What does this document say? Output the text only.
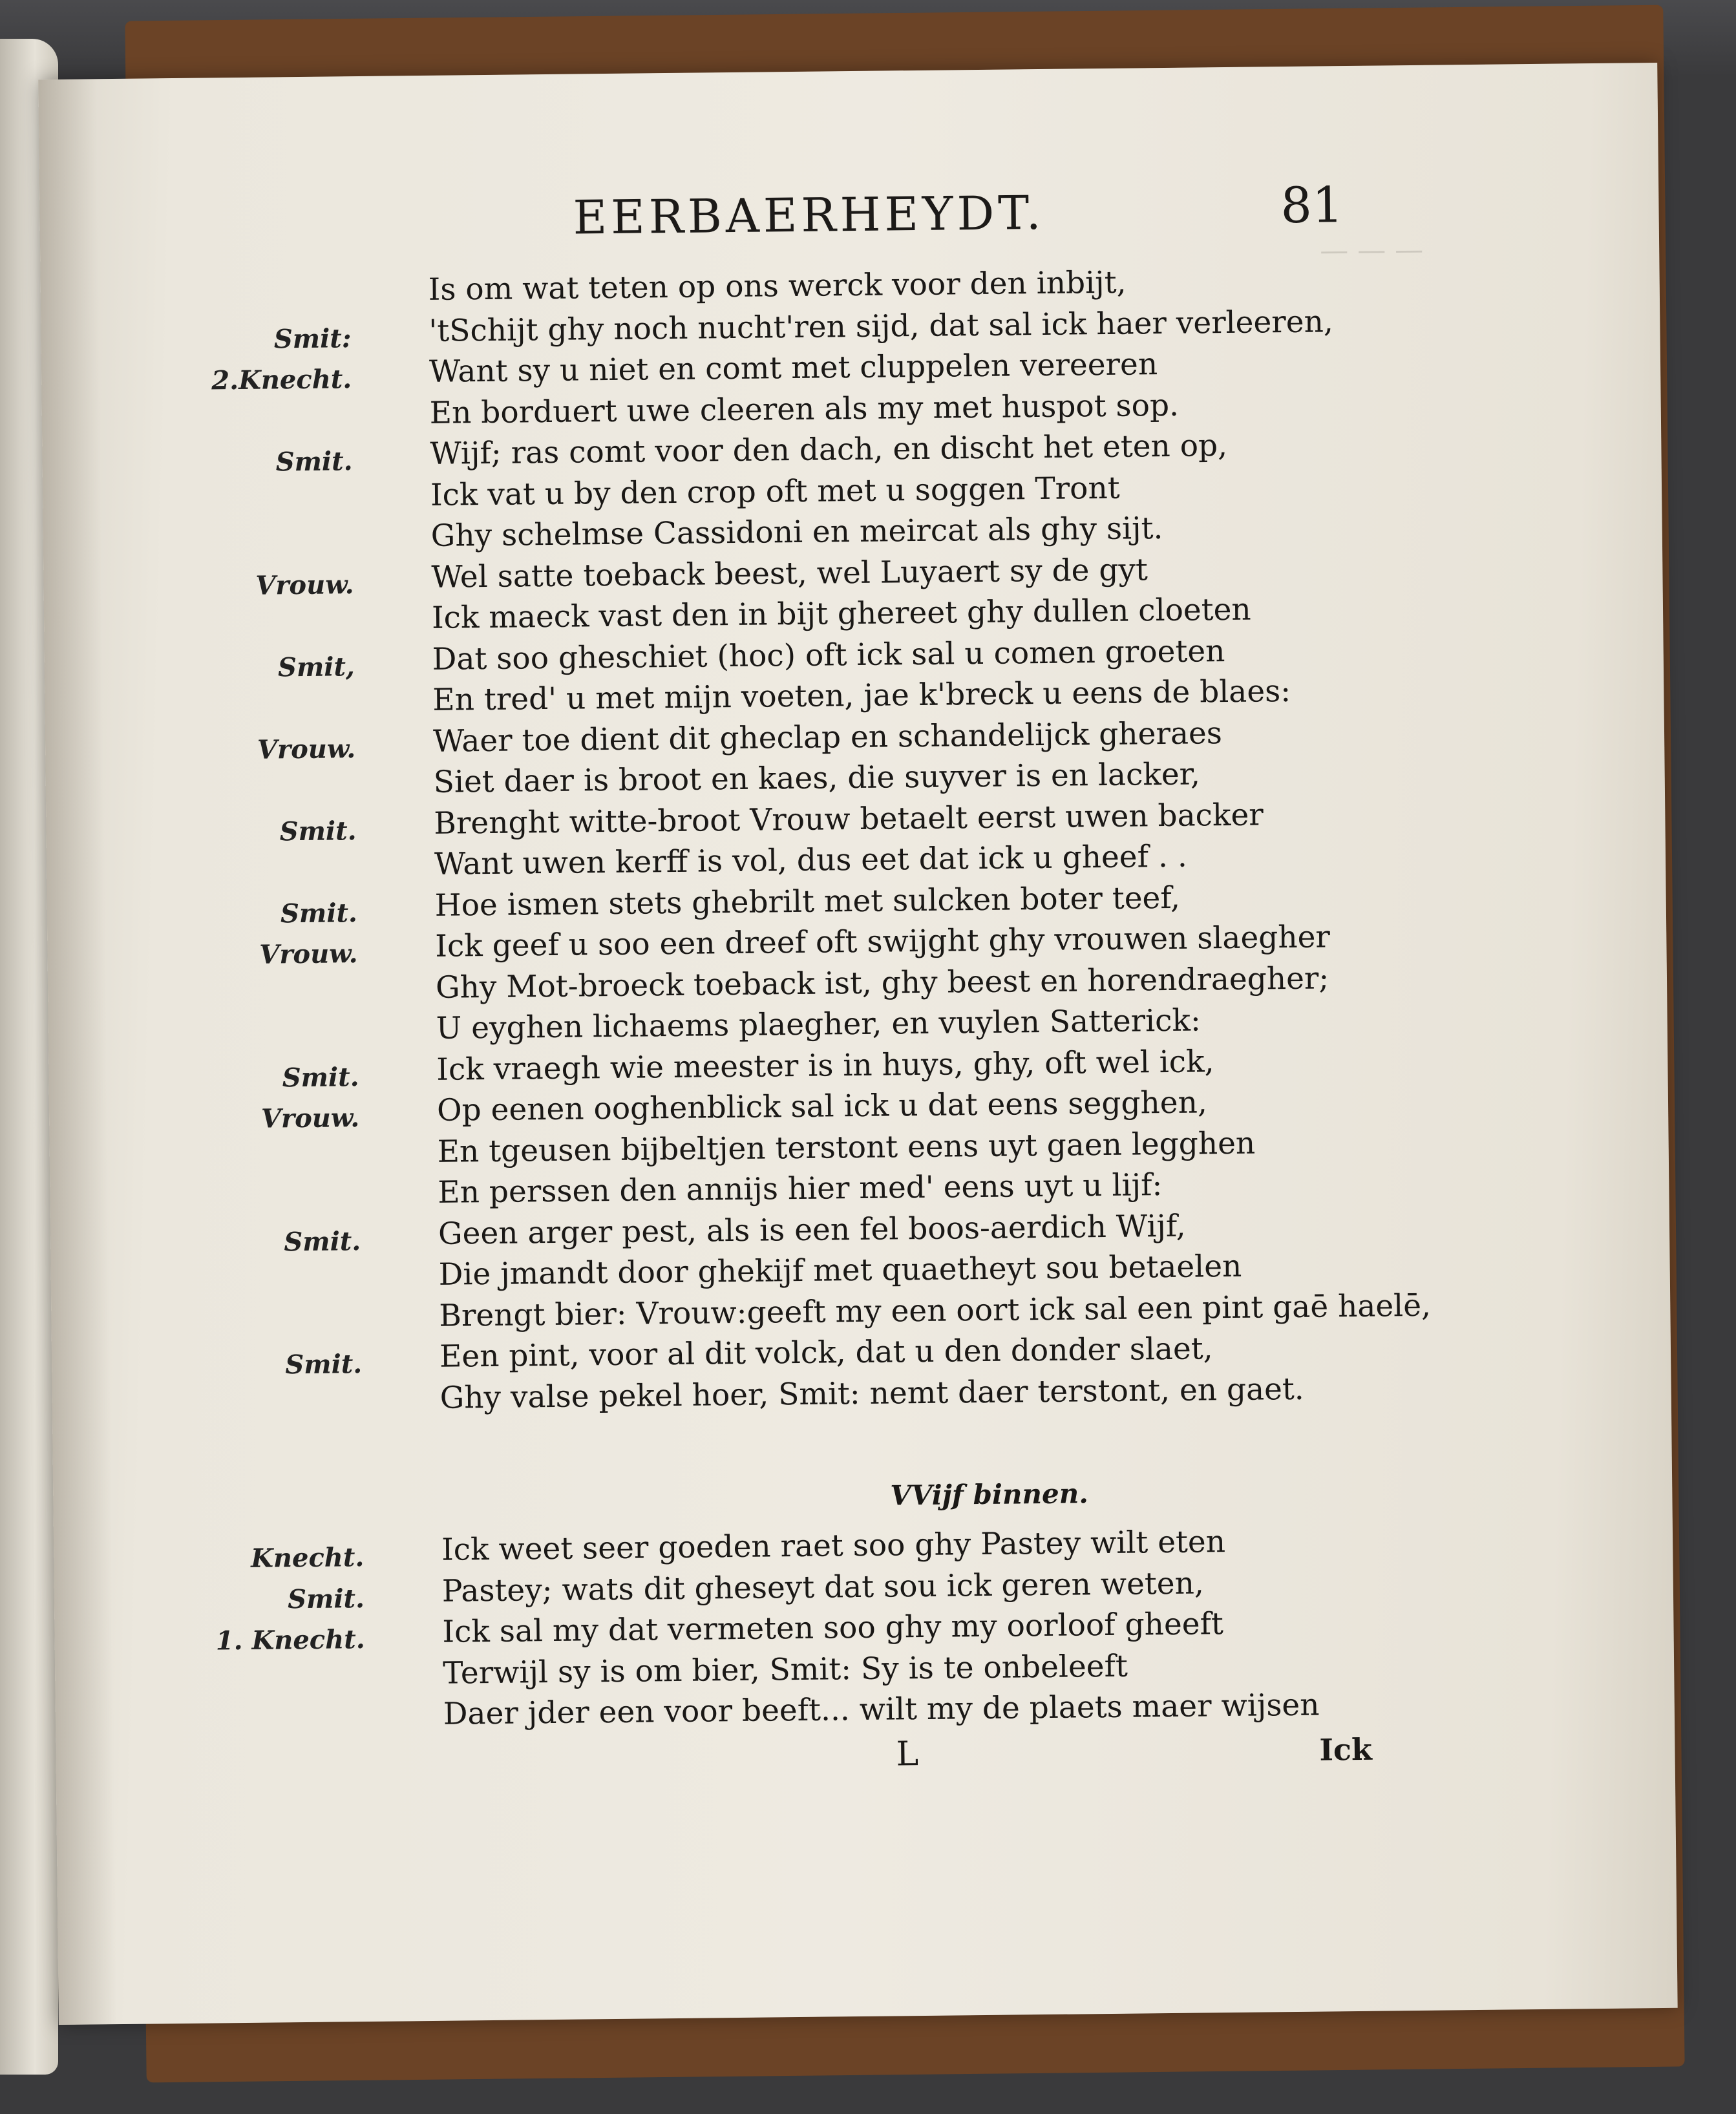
— — —
EERBAERHEYDT.	81
Is om wat teten op ons werck voor den inbijt,
Smit:	'tSchijt ghy noch nucht'ren sijd, dat sal ick haer verleeren,
2.Knecht.	Want sy u niet en comt met cluppelen vereeren
En borduert uwe cleeren als my met huspot sop.
Smit.	Wijf; ras comt voor den dach, en discht het eten op,
Ick vat u by den crop oft met u soggen Tront
Ghy schelmse Cassidoni en meircat als ghy sijt.
Vrouw.	Wel satte toeback beest, wel Luyaert sy de gyt
Ick maeck vast den in bijt ghereet ghy dullen cloeten
Smit,	Dat soo gheschiet (hoc) oft ick sal u comen groeten
En tred' u met mijn voeten, jae k'breck u eens de blaes:
Vrouw.	Waer toe dient dit gheclap en schandelijck gheraes
Siet daer is broot en kaes, die suyver is en lacker,
Smit.	Brenght witte-broot Vrouw betaelt eerst uwen backer
Want uwen kerff is vol, dus eet dat ick u gheef . .
Smit.	Hoe ismen stets ghebrilt met sulcken boter teef,
Vrouw.	Ick geef u soo een dreef oft swijght ghy vrouwen slaegher
Ghy Mot-broeck toeback ist, ghy beest en horendraegher;
U eyghen lichaems plaegher, en vuylen Satterick:
Smit.	Ick vraegh wie meester is in huys, ghy, oft wel ick,
Vrouw.	Op eenen ooghenblick sal ick u dat eens segghen,
En tgeusen bijbeltjen terstont eens uyt gaen legghen
En perssen den annijs hier med' eens uyt u lijf:
Smit.	Geen arger pest, als is een fel boos-aerdich Wijf,
Die jmandt door ghekijf met quaetheyt sou betaelen
Brengt bier: Vrouw:geeft my een oort ick sal een pint gaē haelē,
Smit.	Een pint, voor al dit volck, dat u den donder slaet,
Ghy valse pekel hoer, Smit: nemt daer terstont, en gaet.
VVijf binnen.
Knecht.	Ick weet seer goeden raet soo ghy Pastey wilt eten
Smit.	Pastey; wats dit gheseyt dat sou ick geren weten,
1. Knecht.	Ick sal my dat vermeten soo ghy my oorloof gheeft
Terwijl sy is om bier, Smit: Sy is te onbeleeft
Daer jder een voor beeft... wilt my de plaets maer wijsen
L	Ick
